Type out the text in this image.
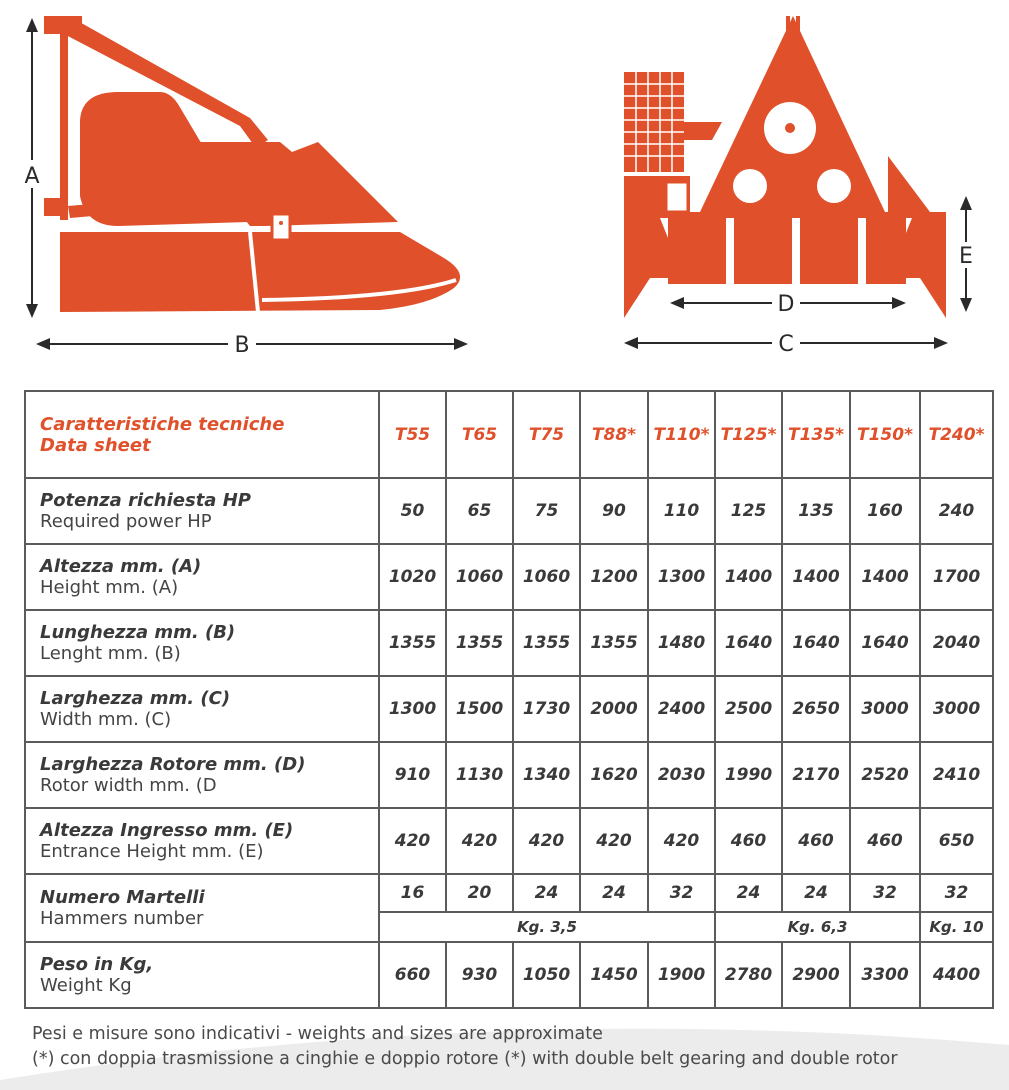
A
B
E
D
C
Caratteristiche tecniche
Data sheet	T55	T65	T75	T88*	T110*	T125*	T135*	T150*	T240*

Potenza richiesta HP
Required power HP	50	65	75	90	110	125	135	160	240

Altezza mm. (A)
Height mm. (A)	1020	1060	1060	1200	1300	1400	1400	1400	1700

Lunghezza mm. (B)
Lenght mm. (B)	1355	1355	1355	1355	1480	1640	1640	1640	2040

Larghezza mm. (C)
Width mm. (C)	1300	1500	1730	2000	2400	2500	2650	3000	3000

Larghezza Rotore mm. (D)
Rotor width mm. (D	910	1130	1340	1620	2030	1990	2170	2520	2410

Altezza Ingresso mm. (E)
Entrance Height mm. (E)	420	420	420	420	420	460	460	460	650

Numero Martelli
Hammers number	16	20	24	24	32	24	24	32	32
	Kg. 3,5					Kg. 6,3			Kg. 10

Peso in Kg,
Weight Kg	660	930	1050	1450	1900	2780	2900	3300	4400
Pesi e misure sono indicativi - weights and sizes are approximate
(*) con doppia trasmissione a cinghie e doppio rotore (*) with double belt gearing and double rotor
